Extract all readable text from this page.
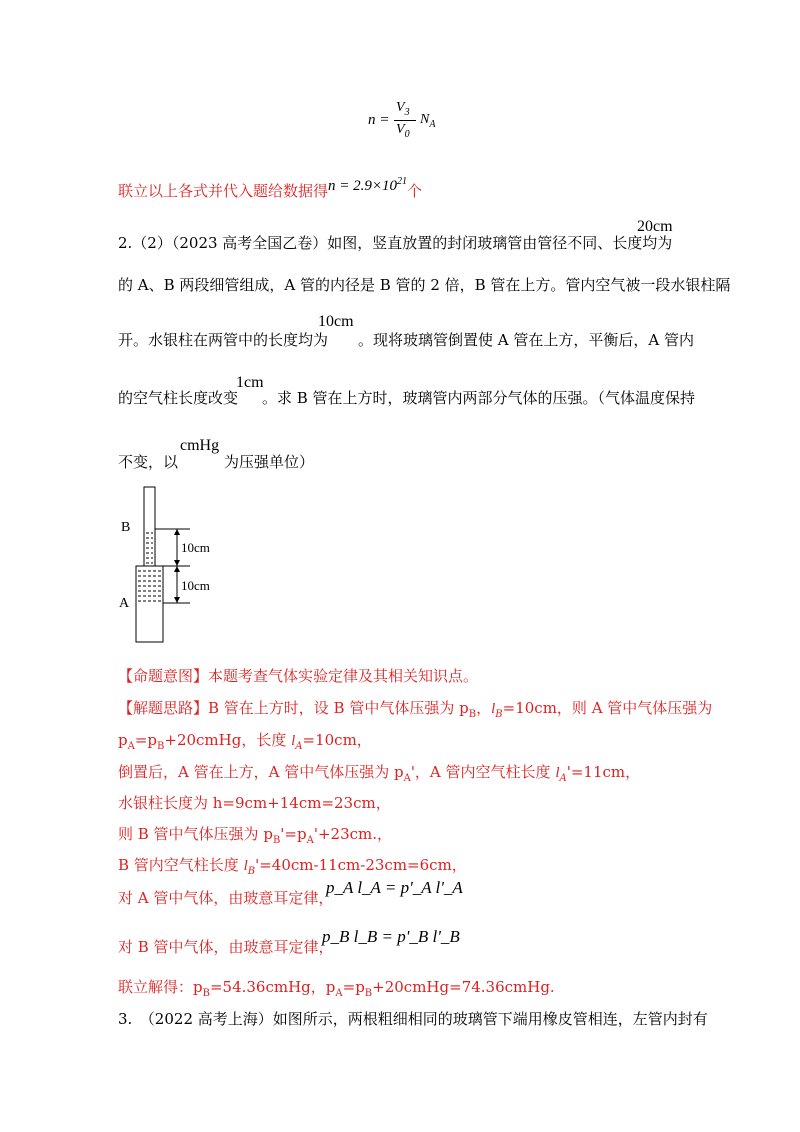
n =
$V_3$
$V_0$
$N_A$
联立以上各式并代入题给数据得$n = 2.9\times 10^{21}$个
2.（2）（2023 高考全国乙卷）如图，竖直放置的封闭玻璃管由管径不同、长度均为
20cm
的 A、B 两段细管组成，A 管的内径是 B 管的 2 倍，B 管在上方。管内空气被一段水银柱隔
开。水银柱在两管中的长度均为
10cm
。现将玻璃管倒置使 A 管在上方，平衡后，A 管内
的空气柱长度改变
1cm
。求 B 管在上方时，玻璃管内两部分气体的压强。（气体温度保持
不变，以
cmHg
为压强单位）
B
A
10cm
10cm
【命题意图】本题考查气体实验定律及其相关知识点。
【解题思路】B 管在上方时，设 B 管中气体压强为 $p_B$，$l_B=10cm$，则 A 管中气体压强为
$p_A=p_B+20cmHg$，长度 $l_A=10cm$，
倒置后，A 管在上方，A 管中气体压强为 $p_A'$，A 管内空气柱长度 $l_A'=11cm$，
水银柱长度为 h=9cm+14cm=23cm，
则 B 管中气体压强为 $p_B'=p_A'+23cm$.，
B 管内空气柱长度 $l_B'=40cm-11cm-23cm=6cm$，
对 A 管中气体，由玻意耳定律，
p_A l_A = p'_A l'_A
对 B 管中气体，由玻意耳定律，
p_B l_B = p'_B l'_B
联立解得：$p_B=54.36cmHg$，$p_A=p_B+20cmHg=74.36cmHg$.
3.　（2022 高考上海）如图所示，两根粗细相同的玻璃管下端用橡皮管相连，左管内封有
